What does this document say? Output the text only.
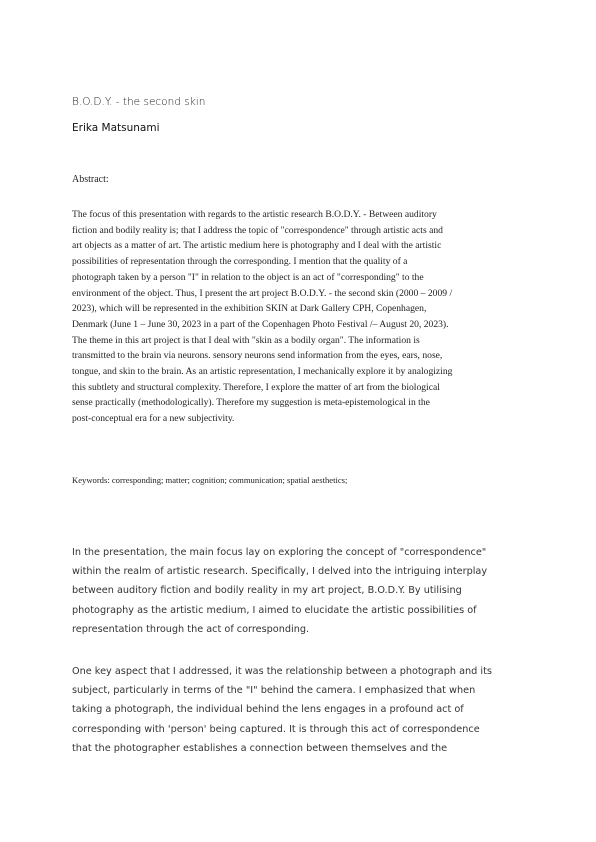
B.O.D.Y. - the second skin
Erika Matsunami
Abstract:

The focus of this presentation with regards to the artistic research B.O.D.Y. - Between auditory
fiction and bodily reality is; that I address the topic of "correspondence" through artistic acts and
art objects as a matter of art. The artistic medium here is photography and I deal with the artistic
possibilities of representation through the corresponding. I mention that the quality of a
photograph taken by a person "I" in relation to the object is an act of "corresponding" to the
environment of the object. Thus, I present the art project B.O.D.Y. - the second skin (2000 – 2009 /
2023), which will be represented in the exhibition SKIN at Dark Gallery CPH, Copenhagen,
Denmark (June 1 – June 30, 2023 in a part of the Copenhagen Photo Festival /– August 20, 2023).
The theme in this art project is that I deal with "skin as a bodily organ". The information is
transmitted to the brain via neurons. sensory neurons send information from the eyes, ears, nose,
tongue, and skin to the brain. As an artistic representation, I mechanically explore it by analogizing
this subtlety and structural complexity. Therefore, I explore the matter of art from the biological
sense practically (methodologically). Therefore my suggestion is meta-epistemological in the
post-conceptual era for a new subjectivity.

Keywords: corresponding; matter; cognition; communication; spatial aesthetics;

In the presentation, the main focus lay on exploring the concept of "correspondence"
within the realm of artistic research. Specifically, I delved into the intriguing interplay
between auditory fiction and bodily reality in my art project, B.O.D.Y. By utilising
photography as the artistic medium, I aimed to elucidate the artistic possibilities of
representation through the act of corresponding.

One key aspect that I addressed, it was the relationship between a photograph and its
subject, particularly in terms of the "I" behind the camera. I emphasized that when
taking a photograph, the individual behind the lens engages in a profound act of
corresponding with 'person' being captured. It is through this act of correspondence
that the photographer establishes a connection between themselves and the
